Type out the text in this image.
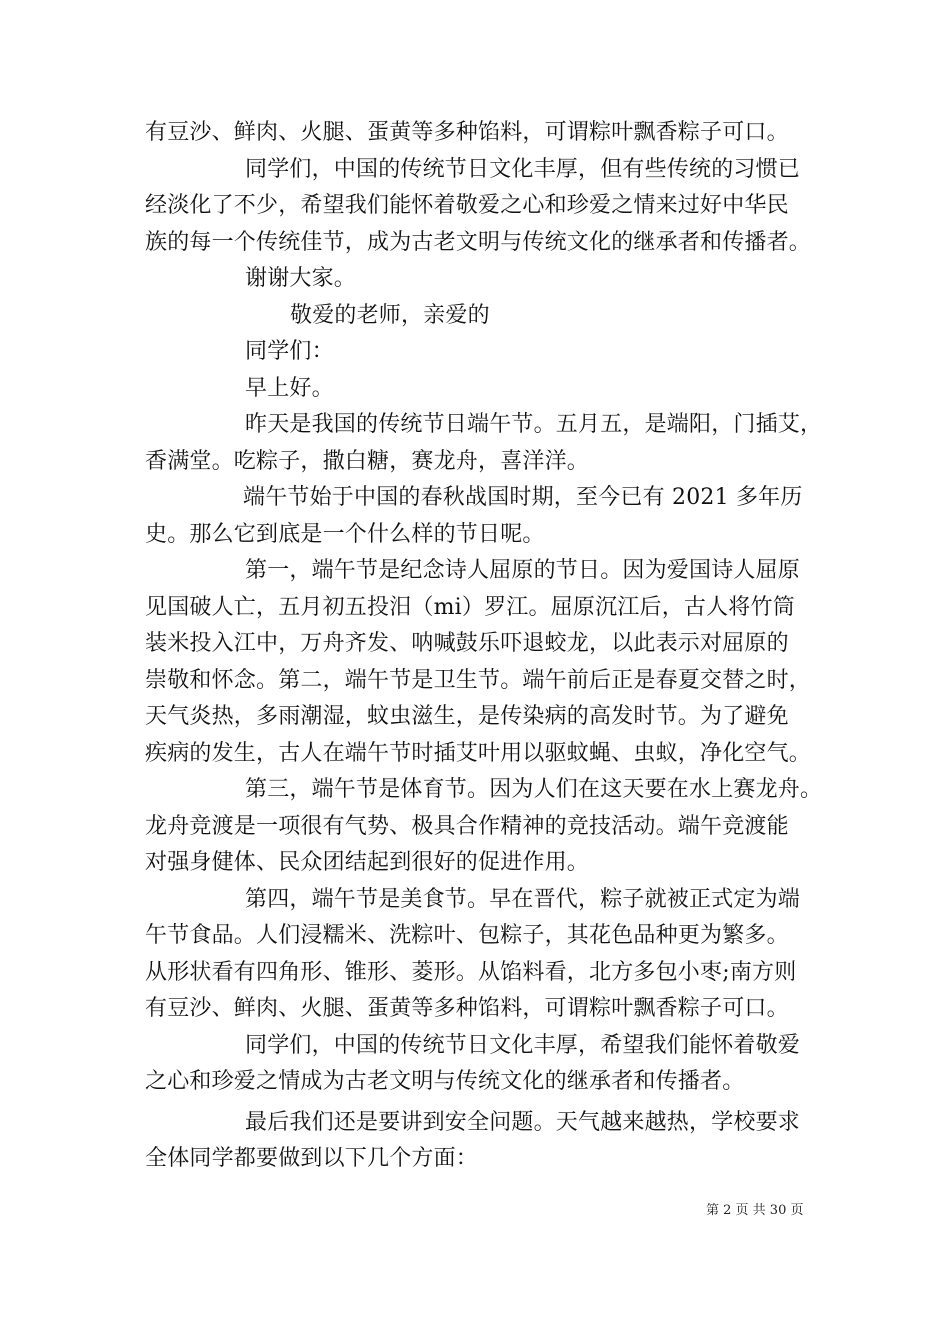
有豆沙、鲜肉、火腿、蛋黄等多种馅料，可谓粽叶飘香粽子可口。
同学们，中国的传统节日文化丰厚，但有些传统的习惯已
经淡化了不少，希望我们能怀着敬爱之心和珍爱之情来过好中华民
族的每一个传统佳节，成为古老文明与传统文化的继承者和传播者。
谢谢大家。
敬爱的老师，亲爱的
同学们：
早上好。
昨天是我国的传统节日端午节。五月五，是端阳，门插艾，
香满堂。吃粽子，撒白糖，赛龙舟，喜洋洋。
端午节始于中国的春秋战国时期，至今已有 2021 多年历
史。那么它到底是一个什么样的节日呢。
第一，端午节是纪念诗人屈原的节日。因为爱国诗人屈原
见国破人亡，五月初五投汨（mi）罗江。屈原沉江后，古人将竹筒
装米投入江中，万舟齐发、呐喊鼓乐吓退蛟龙，以此表示对屈原的
崇敬和怀念。第二，端午节是卫生节。端午前后正是春夏交替之时，
天气炎热，多雨潮湿，蚊虫滋生，是传染病的高发时节。为了避免
疾病的发生，古人在端午节时插艾叶用以驱蚊蝇、虫蚁，净化空气。
第三，端午节是体育节。因为人们在这天要在水上赛龙舟。
龙舟竞渡是一项很有气势、极具合作精神的竞技活动。端午竞渡能
对强身健体、民众团结起到很好的促进作用。
第四，端午节是美食节。早在晋代，粽子就被正式定为端
午节食品。人们浸糯米、洗粽叶、包粽子，其花色品种更为繁多。
从形状看有四角形、锥形、菱形。从馅料看，北方多包小枣;南方则
有豆沙、鲜肉、火腿、蛋黄等多种馅料，可谓粽叶飘香粽子可口。
同学们，中国的传统节日文化丰厚，希望我们能怀着敬爱
之心和珍爱之情成为古老文明与传统文化的继承者和传播者。
最后我们还是要讲到安全问题。天气越来越热，学校要求
全体同学都要做到以下几个方面：
第 2 页 共 30 页
